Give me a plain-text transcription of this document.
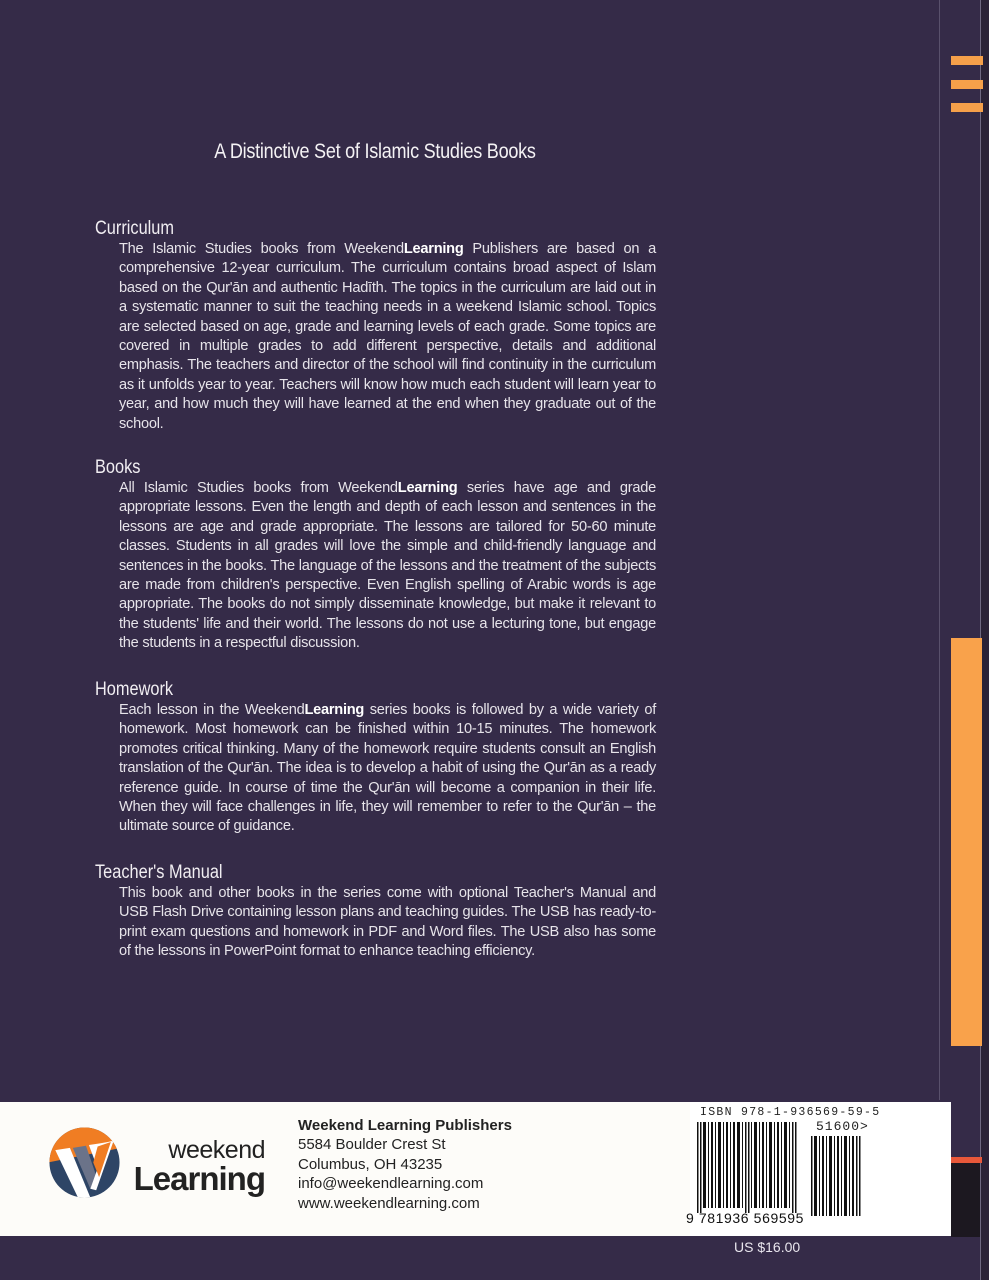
A Distinctive Set of Islamic Studies Books
Curriculum

The Islamic Studies books from WeekendLearning Publishers are based on a comprehensive 12-year curriculum. The curriculum contains broad aspect of Islam based on the Qur'ān and authentic Hadīth. The topics in the curriculum are laid out in a systematic manner to suit the teaching needs in a weekend Islamic school. Topics are selected based on age, grade and learning levels of each grade. Some topics are covered in multiple grades to add different perspective, details and additional emphasis. The teachers and director of the school will find continuity in the curriculum as it unfolds year to year. Teachers will know how much each student will learn year to year, and how much they will have learned at the end when they graduate out of the school.

Books

All Islamic Studies books from WeekendLearning series have age and grade appropriate lessons. Even the length and depth of each lesson and sentences in the lessons are age and grade appropriate. The lessons are tailored for 50-60 minute classes. Students in all grades will love the simple and child-friendly language and sentences in the books. The language of the lessons and the treatment of the subjects are made from children's perspective. Even English spelling of Arabic words is age appropriate. The books do not simply disseminate knowledge, but make it relevant to the students' life and their world. The lessons do not use a lecturing tone, but engage the students in a respectful discussion.

Homework

Each lesson in the WeekendLearning series books is followed by a wide variety of homework. Most homework can be finished within 10-15 minutes. The homework promotes critical thinking. Many of the homework require students consult an English translation of the Qur'ān. The idea is to develop a habit of using the Qur'ān as a ready reference guide. In course of time the Qur'ān will become a companion in their life. When they will face challenges in life, they will remember to refer to the Qur'ān – the ultimate source of guidance.

Teacher's Manual

This book and other books in the series come with optional Teacher's Manual and USB Flash Drive containing lesson plans and teaching guides. The USB has ready-to-print exam questions and homework in PDF and Word files. The USB also has some of the lessons in PowerPoint format to enhance teaching efficiency.

weekend
Learning
Weekend Learning Publishers
5584 Boulder Crest St
Columbus, OH 43235
info@weekendlearning.com
www.weekendlearning.com
ISBN 978-1-936569-59-5
51600>
9 781936 569595
US $16.00
